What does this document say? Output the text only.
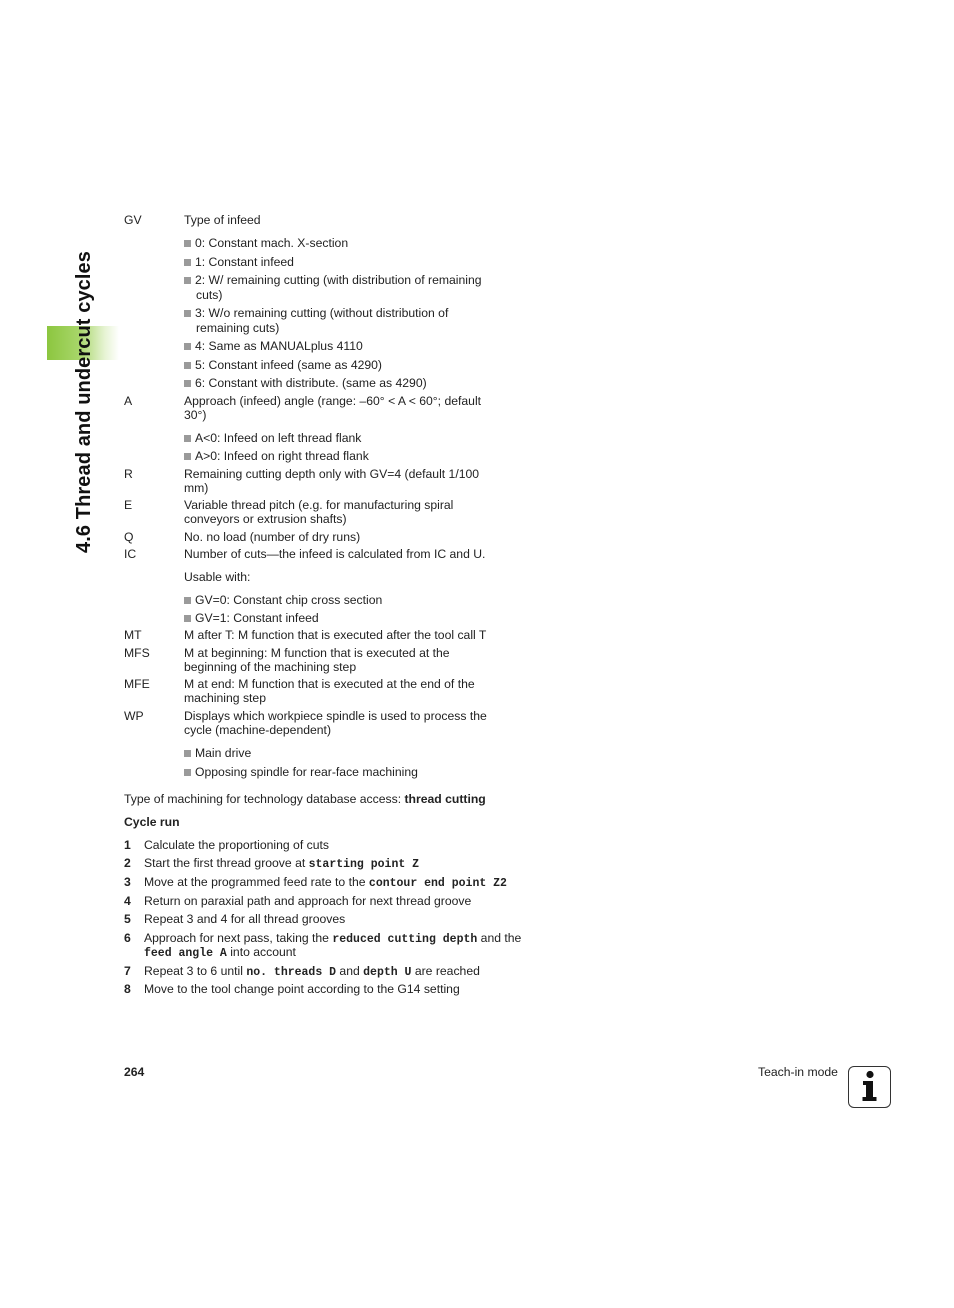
4.6 Thread and undercut cycles
GV	Type of infeed
0: Constant mach. X-section
1: Constant infeed
2: W/ remaining cutting (with distribution of remaining
cuts)
3: W/o remaining cutting (without distribution of
remaining cuts)
4: Same as MANUALplus 4110
5: Constant infeed (same as 4290)
6: Constant with distribute. (same as 4290)
A	Approach (infeed) angle (range: –60° < A < 60°; default
30°)
A<0: Infeed on left thread flank
A>0: Infeed on right thread flank
R	Remaining cutting depth only with GV=4 (default 1/100
mm)
E	Variable thread pitch (e.g. for manufacturing spiral
conveyors or extrusion shafts)
Q	No. no load (number of dry runs)
IC	Number of cuts—the infeed is calculated from IC and U.
Usable with:
GV=0: Constant chip cross section
GV=1: Constant infeed
MT	M after T: M function that is executed after the tool call T
MFS	M at beginning: M function that is executed at the
beginning of the machining step
MFE	M at end: M function that is executed at the end of the
machining step
WP	Displays which workpiece spindle is used to process the
cycle (machine-dependent)
Main drive
Opposing spindle for rear-face machining
Type of machining for technology database access: thread cutting
Cycle run
1 Calculate the proportioning of cuts
2 Start the first thread groove at starting point Z
3 Move at the programmed feed rate to the contour end point Z2
4 Return on paraxial path and approach for next thread groove
5 Repeat 3 and 4 for all thread grooves
6 Approach for next pass, taking the reduced cutting depth and the
feed angle A into account
7 Repeat 3 to 6 until no. threads D and depth U are reached
8 Move to the tool change point according to the G14 setting
264	Teach-in mode
